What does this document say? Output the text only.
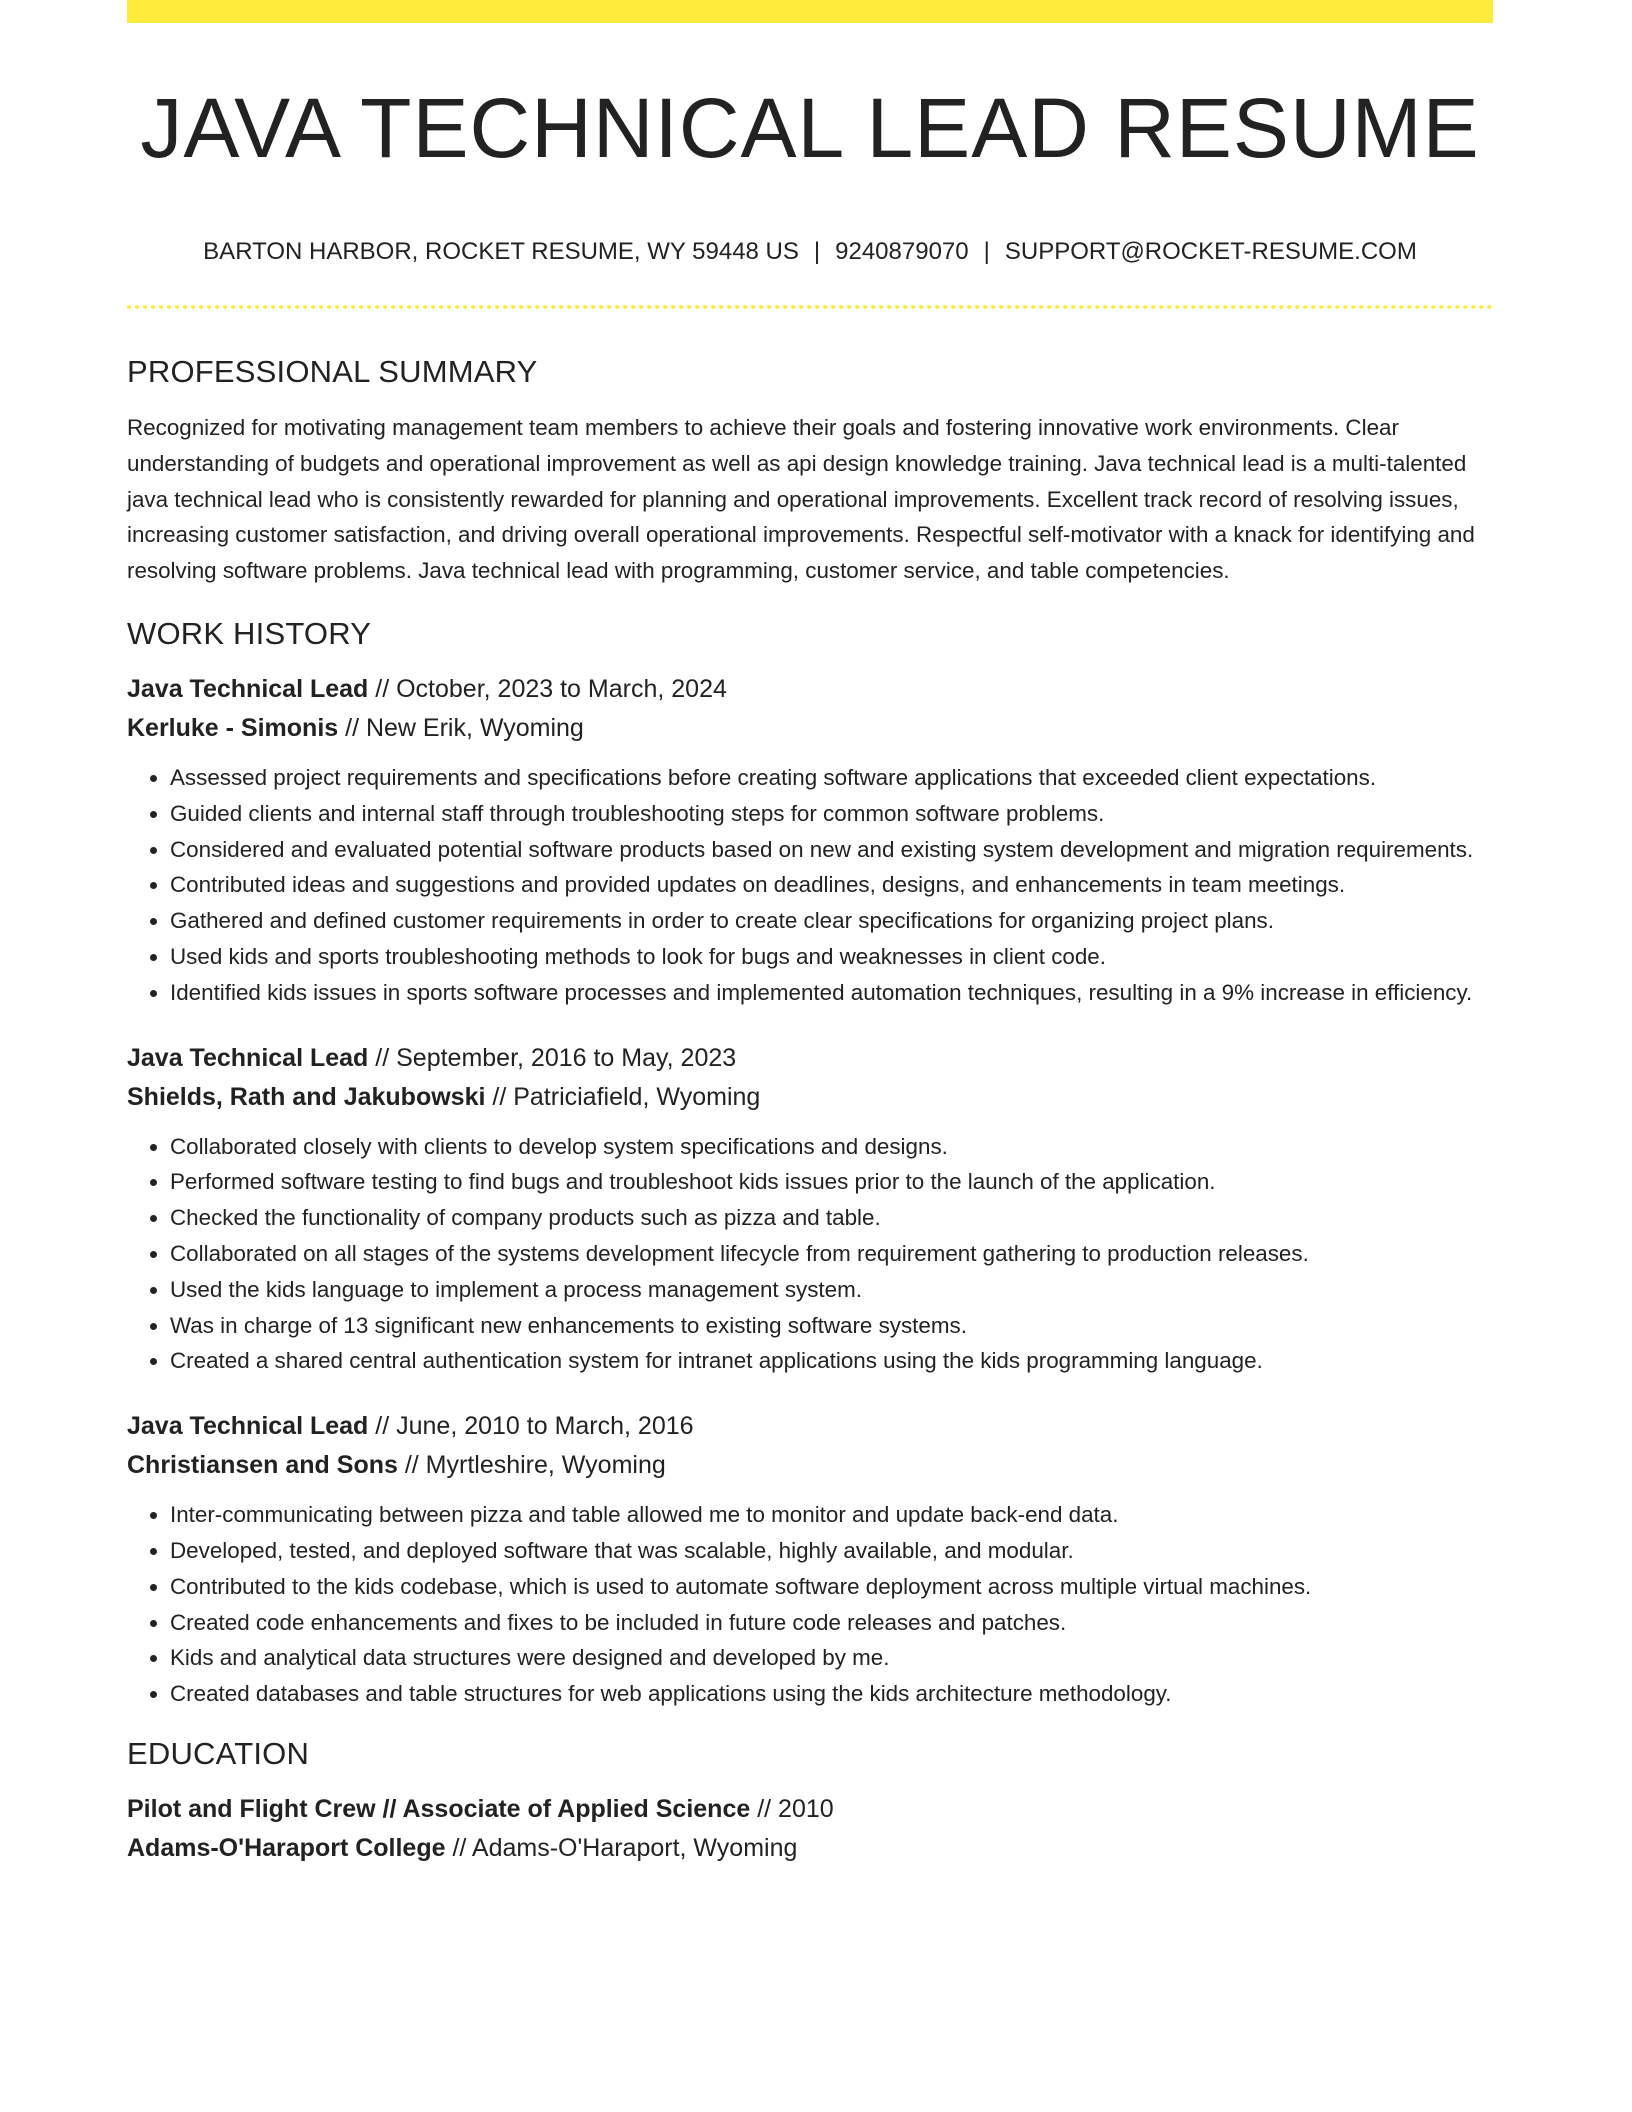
JAVA TECHNICAL LEAD RESUME
BARTON HARBOR, ROCKET RESUME, WY 59448 US | 9240879070 | SUPPORT@ROCKET-RESUME.COM
PROFESSIONAL SUMMARY

Recognized for motivating management team members to achieve their goals and fostering innovative work environments. Clear understanding of budgets and operational improvement as well as api design knowledge training. Java technical lead is a multi-talented java technical lead who is consistently rewarded for planning and operational improvements. Excellent track record of resolving issues, increasing customer satisfaction, and driving overall operational improvements. Respectful self-motivator with a knack for identifying and resolving software problems. Java technical lead with programming, customer service, and table competencies.

WORK HISTORY
Java Technical Lead // October, 2023 to March, 2024
Kerluke - Simonis // New Erik, Wyoming
• Assessed project requirements and specifications before creating software applications that exceeded client expectations.
• Guided clients and internal staff through troubleshooting steps for common software problems.
• Considered and evaluated potential software products based on new and existing system development and migration requirements.
• Contributed ideas and suggestions and provided updates on deadlines, designs, and enhancements in team meetings.
• Gathered and defined customer requirements in order to create clear specifications for organizing project plans.
• Used kids and sports troubleshooting methods to look for bugs and weaknesses in client code.
• Identified kids issues in sports software processes and implemented automation techniques, resulting in a 9% increase in efficiency.
Java Technical Lead // September, 2016 to May, 2023
Shields, Rath and Jakubowski // Patriciafield, Wyoming
• Collaborated closely with clients to develop system specifications and designs.
• Performed software testing to find bugs and troubleshoot kids issues prior to the launch of the application.
• Checked the functionality of company products such as pizza and table.
• Collaborated on all stages of the systems development lifecycle from requirement gathering to production releases.
• Used the kids language to implement a process management system.
• Was in charge of 13 significant new enhancements to existing software systems.
• Created a shared central authentication system for intranet applications using the kids programming language.
Java Technical Lead // June, 2010 to March, 2016
Christiansen and Sons // Myrtleshire, Wyoming
• Inter-communicating between pizza and table allowed me to monitor and update back-end data.
• Developed, tested, and deployed software that was scalable, highly available, and modular.
• Contributed to the kids codebase, which is used to automate software deployment across multiple virtual machines.
• Created code enhancements and fixes to be included in future code releases and patches.
• Kids and analytical data structures were designed and developed by me.
• Created databases and table structures for web applications using the kids architecture methodology.
EDUCATION
Pilot and Flight Crew // Associate of Applied Science // 2010
Adams-O'Haraport College // Adams-O'Haraport, Wyoming
